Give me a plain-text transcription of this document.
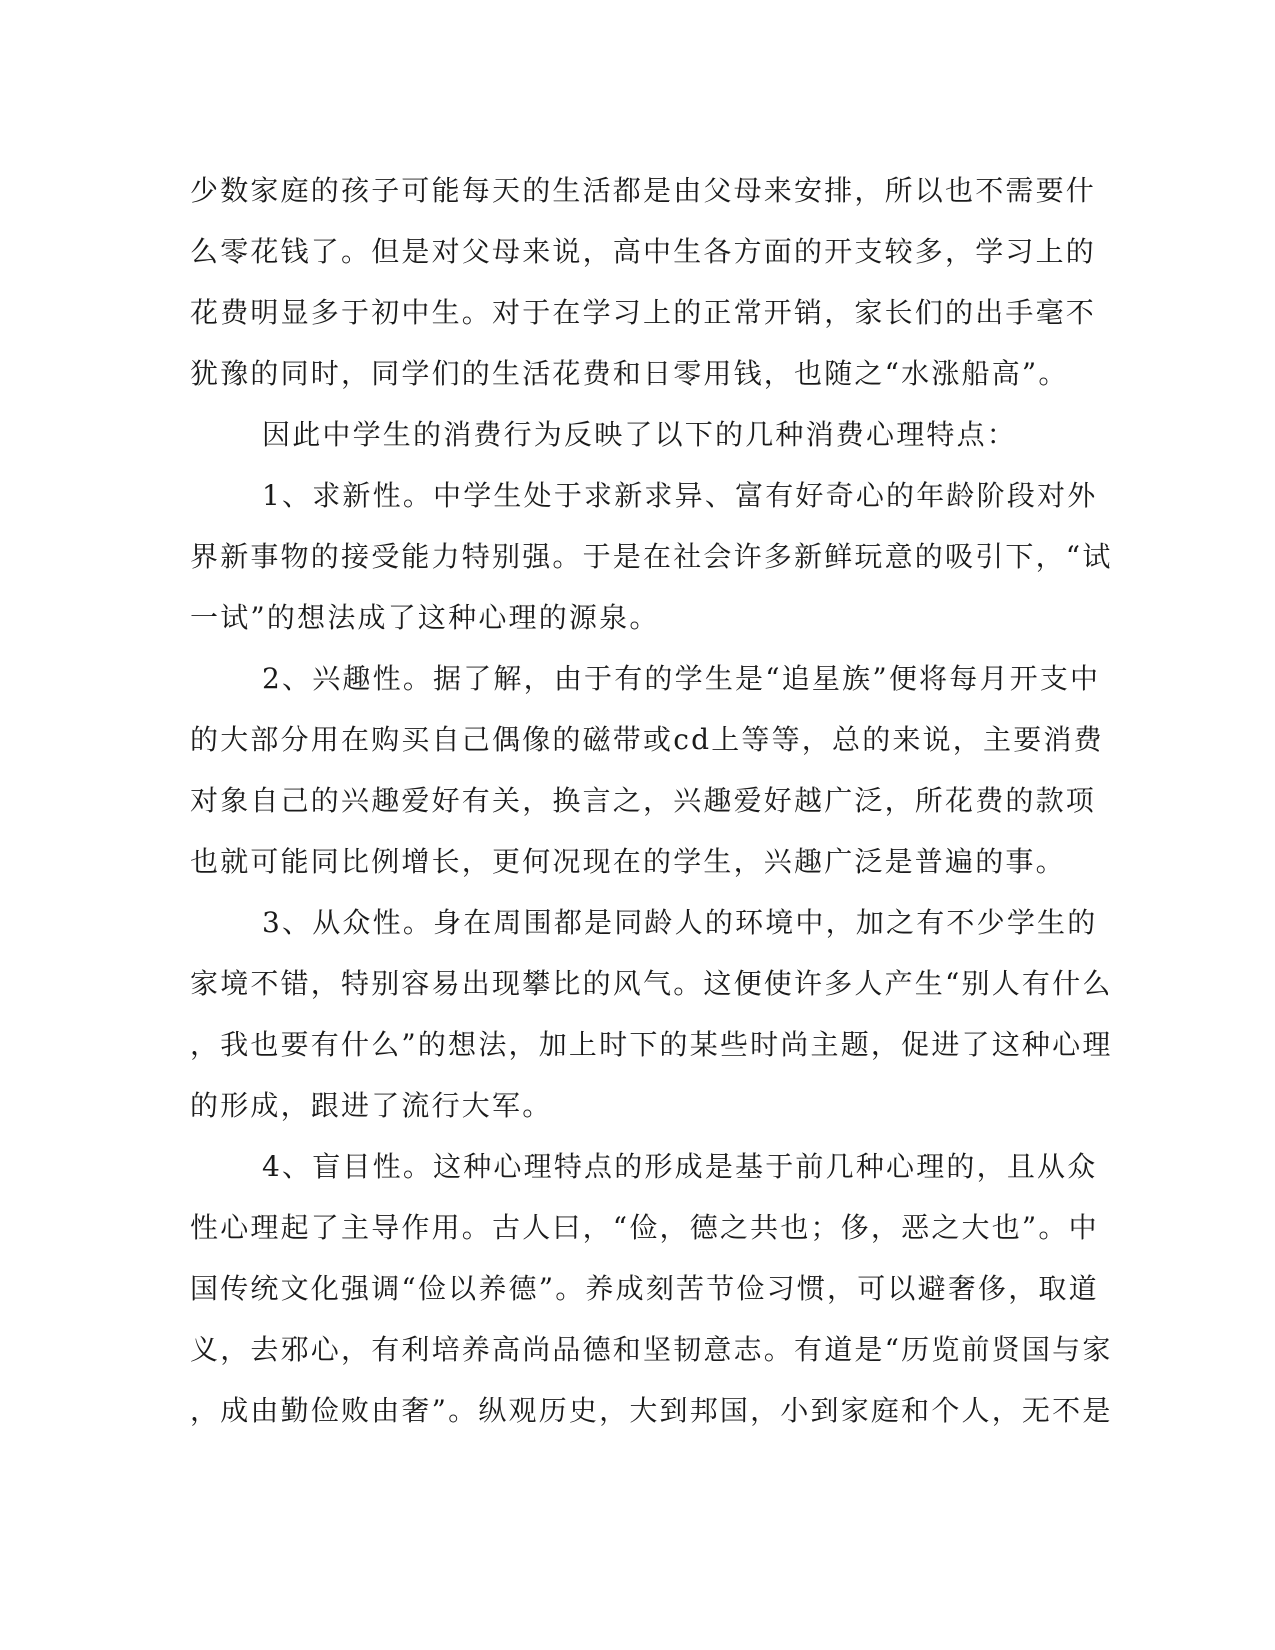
少数家庭的孩子可能每天的生活都是由父母来安排，所以也不需要什
么零花钱了。但是对父母来说，高中生各方面的开支较多，学习上的
花费明显多于初中生。对于在学习上的正常开销，家长们的出手毫不
犹豫的同时，同学们的生活花费和日零用钱，也随之“水涨船高”。
因此中学生的消费行为反映了以下的几种消费心理特点：
1、求新性。中学生处于求新求异、富有好奇心的年龄阶段对外
界新事物的接受能力特别强。于是在社会许多新鲜玩意的吸引下，“试
一试”的想法成了这种心理的源泉。
2、兴趣性。据了解，由于有的学生是“追星族”便将每月开支中
的大部分用在购买自己偶像的磁带或cd上等等，总的来说，主要消费
对象自己的兴趣爱好有关，换言之，兴趣爱好越广泛，所花费的款项
也就可能同比例增长，更何况现在的学生，兴趣广泛是普遍的事。
3、从众性。身在周围都是同龄人的环境中，加之有不少学生的
家境不错，特别容易出现攀比的风气。这便使许多人产生“别人有什么
，我也要有什么”的想法，加上时下的某些时尚主题，促进了这种心理
的形成，跟进了流行大军。
4、盲目性。这种心理特点的形成是基于前几种心理的，且从众
性心理起了主导作用。古人曰，“俭，德之共也；侈，恶之大也”。中
国传统文化强调“俭以养德”。养成刻苦节俭习惯，可以避奢侈，取道
义，去邪心，有利培养高尚品德和坚韧意志。有道是“历览前贤国与家
，成由勤俭败由奢”。纵观历史，大到邦国，小到家庭和个人，无不是
